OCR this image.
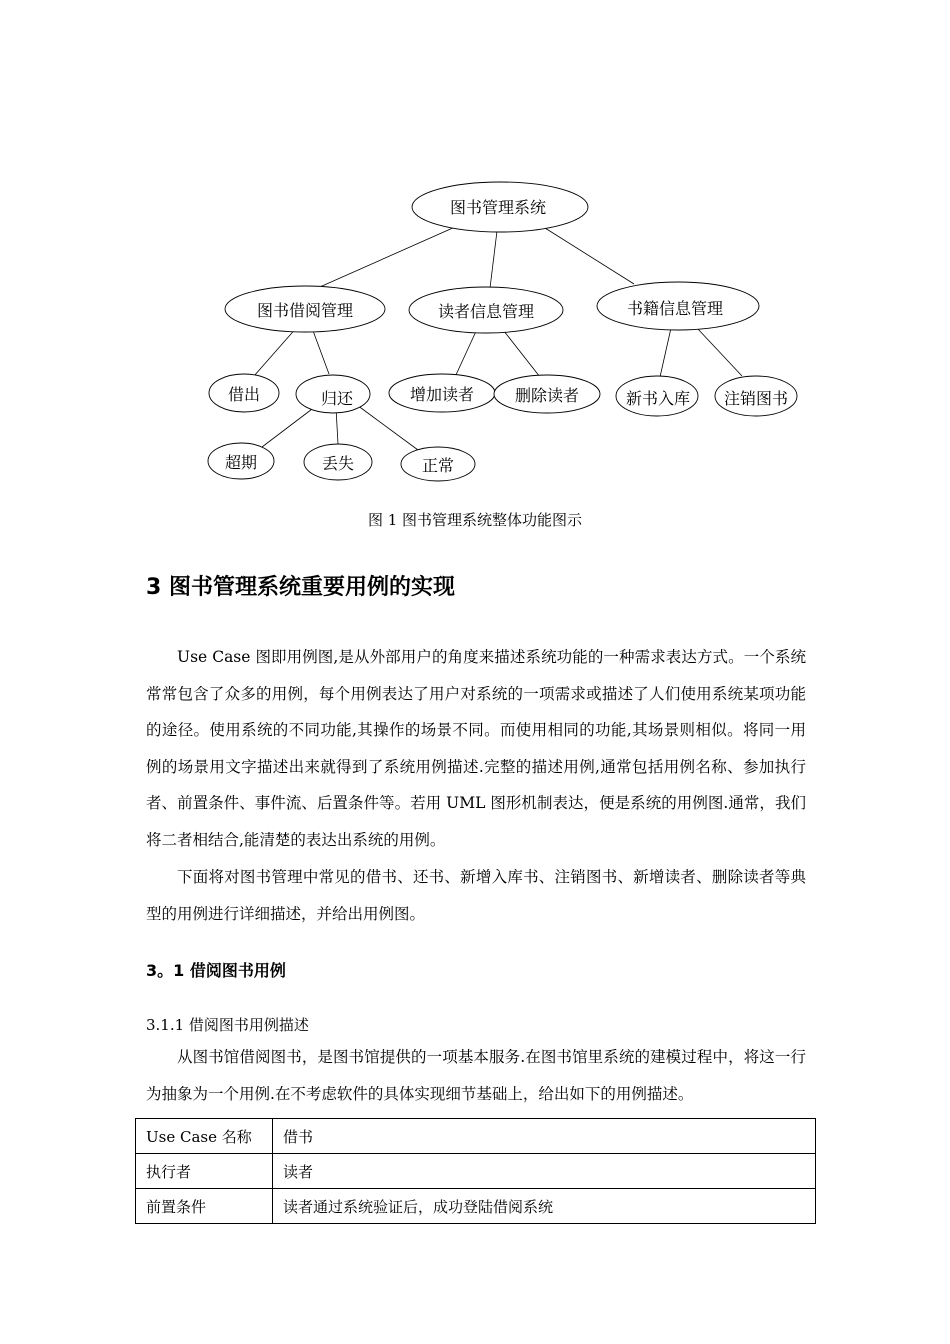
图书管理系统
图书借阅管理	读者信息管理	书籍信息管理
借出	归还	增加读者	删除读者	新书入库 注销图书
超期	丢失	正常
图 1 图书管理系统整体功能图示
3 图书管理系统重要用例的实现

Use Case 图即用例图,是从外部用户的角度来描述系统功能的一种需求表达方式。一个系统常常包含了众多的用例，每个用例表达了用户对系统的一项需求或描述了人们使用系统某项功能的途径。使用系统的不同功能,其操作的场景不同。而使用相同的功能,其场景则相似。将同一用例的场景用文字描述出来就得到了系统用例描述.完整的描述用例,通常包括用例名称、参加执行者、前置条件、事件流、后置条件等。若用 UML 图形机制表达，便是系统的用例图.通常，我们将二者相结合,能清楚的表达出系统的用例。

下面将对图书管理中常见的借书、还书、新增入库书、注销图书、新增读者、删除读者等典型的用例进行详细描述，并给出用例图。

3。1 借阅图书用例
3.1.1 借阅图书用例描述

从图书馆借阅图书，是图书馆提供的一项基本服务.在图书馆里系统的建模过程中，将这一行为抽象为一个用例.在不考虑软件的具体实现细节基础上，给出如下的用例描述。

Use Case 名称	借书
执行者	读者
前置条件	读者通过系统验证后，成功登陆借阅系统
